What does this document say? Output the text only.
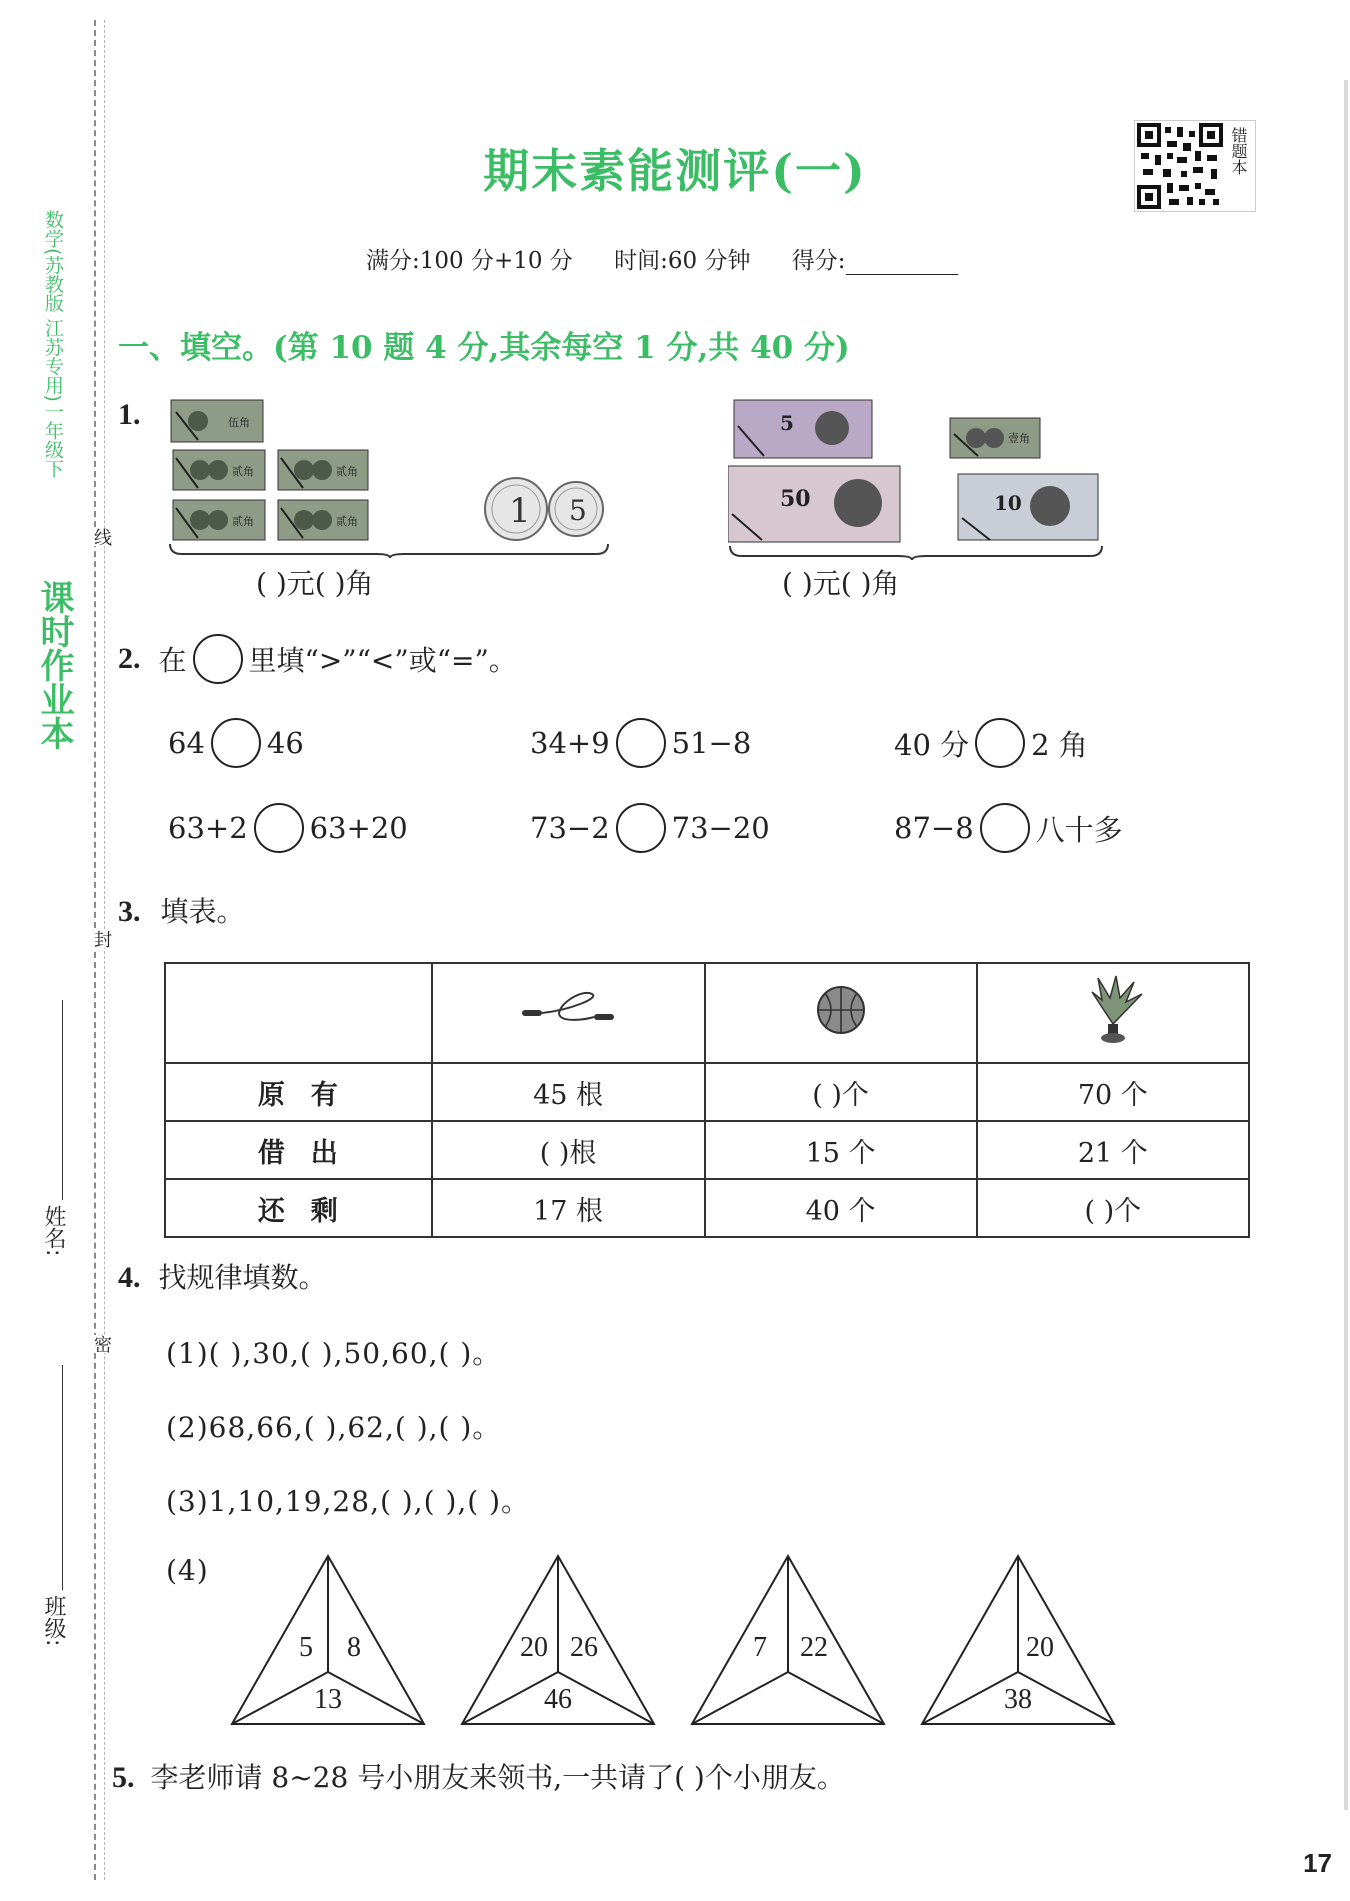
数学(苏教版 江苏专用)一年级下
课时作业本
线
封
密
姓名:
班级:
错题本
期末素能测评(一)
满分:100 分+10 分 时间:60 分钟 得分:
一、填空。(第 10 题 4 分,其余每空 1 分,共 40 分)
1.	伍角
贰角	贰角
贰角	贰角	1 5
( )元( )角
5
50	10
壹角
( )元( )角
2. 在 里填“>”“<”或“=”。
64 46	34+9 51−8	40 分 2 角
63+2 63+20	73−2 73−20	87−8 八十多
3. 填表。

原有	45 根	( )个	70 个
借出	( )根	15 个	21 个
还剩	17 根	40 个	( )个
4. 找规律填数。
(1)( ),30,( ),50,60,( )。
(2)68,66,( ),62,( ),( )。
(3)1,10,19,28,( ),( ),( )。
(4)
5 8
13
20 26
46
7 22	20
38
5. 李老师请 8~28 号小朋友来领书,一共请了( )个小朋友。
17
